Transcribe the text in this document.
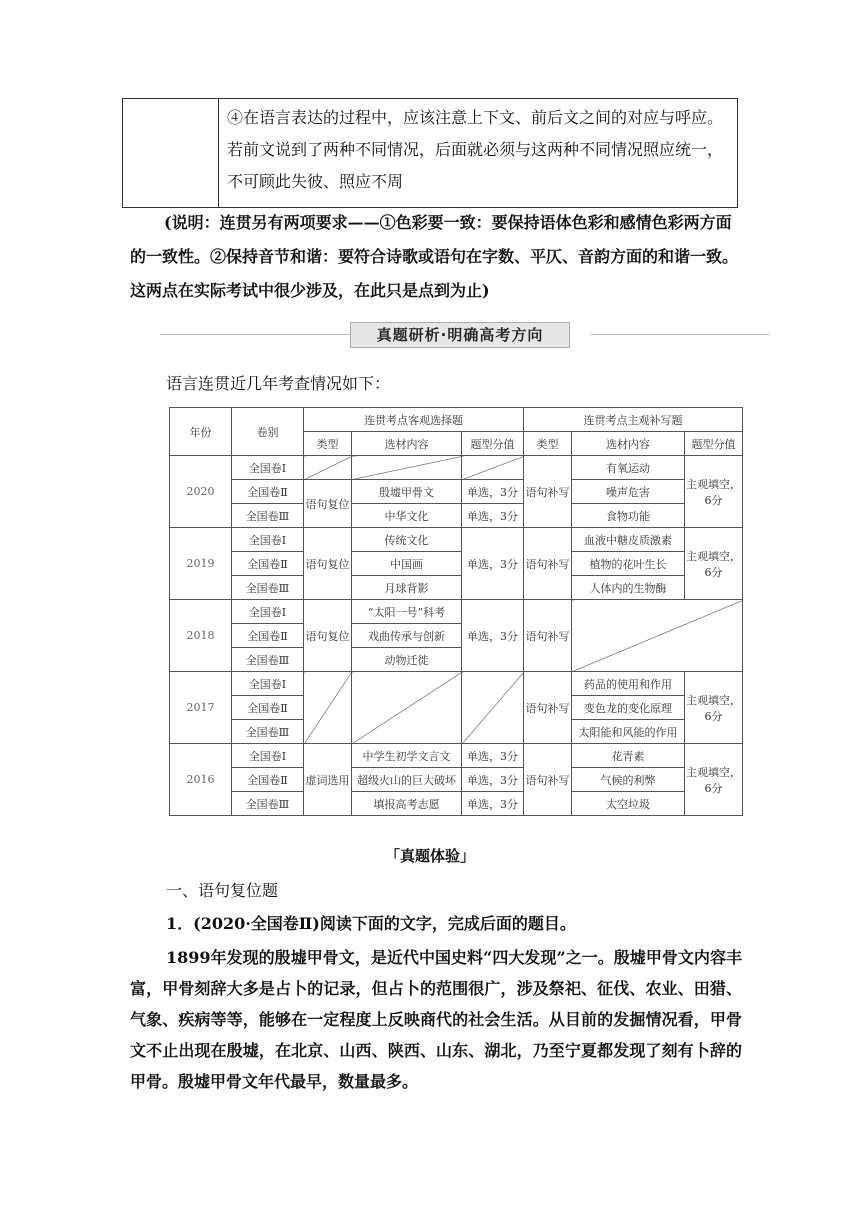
④在语言表达的过程中，应该注意上下文、前后文之间的对应与呼应。若前文说到了两种不同情况，后面就必须与这两种不同情况照应统一，不可顾此失彼、照应不周

(说明：连贯另有两项要求——①色彩要一致：要保持语体色彩和感情色彩两方面的一致性。②保持音节和谐：要符合诗歌或语句在字数、平仄、音韵方面的和谐一致。这两点在实际考试中很少涉及，在此只是点到为止)

真题研析·明确高考方向

语言连贯近几年考查情况如下：

年份	卷别	连贯考点客观选择题			连贯考点主观补写题		
		类型	选材内容	题型分值	类型	选材内容	题型分值
2020	全国卷Ⅰ				语句补写	有氧运动	主观填空，6分
	全国卷Ⅱ	语句复位	殷墟甲骨文	单选，3分		噪声危害	
	全国卷Ⅲ		中华文化	单选，3分		食物功能	
2019	全国卷Ⅰ	语句复位	传统文化	单选，3分	语句补写	血液中糖皮质激素	主观填空，6分
	全国卷Ⅱ		中国画			植物的花叶生长	
	全国卷Ⅲ		月球背影			人体内的生物酶	
2018	全国卷Ⅰ	语句复位	“太阳一号”科考	单选，3分	语句补写		
	全国卷Ⅱ		戏曲传承与创新				
	全国卷Ⅲ		动物迁徙				
2017	全国卷Ⅰ				语句补写	药品的使用和作用	主观填空，6分
	全国卷Ⅱ					变色龙的变化原理	
	全国卷Ⅲ					太阳能和风能的作用	
2016	全国卷Ⅰ	虚词选用	中学生初学文言文	单选，3分	语句补写	花青素	主观填空，6分
	全国卷Ⅱ		超级火山的巨大破坏	单选，3分		气候的利弊	
	全国卷Ⅲ		填报高考志愿	单选，3分		太空垃圾	

「真题体验」

一、语句复位题

1．(2020·全国卷Ⅱ)阅读下面的文字，完成后面的题目。

1899年发现的殷墟甲骨文，是近代中国史料“四大发现”之一。殷墟甲骨文内容丰富，甲骨刻辞大多是占卜的记录，但占卜的范围很广，涉及祭祀、征伐、农业、田猎、气象、疾病等等，能够在一定程度上反映商代的社会生活。从目前的发掘情况看，甲骨文不止出现在殷墟，在北京、山西、陕西、山东、湖北，乃至宁夏都发现了刻有卜辞的甲骨。殷墟甲骨文年代最早，数量最多。
